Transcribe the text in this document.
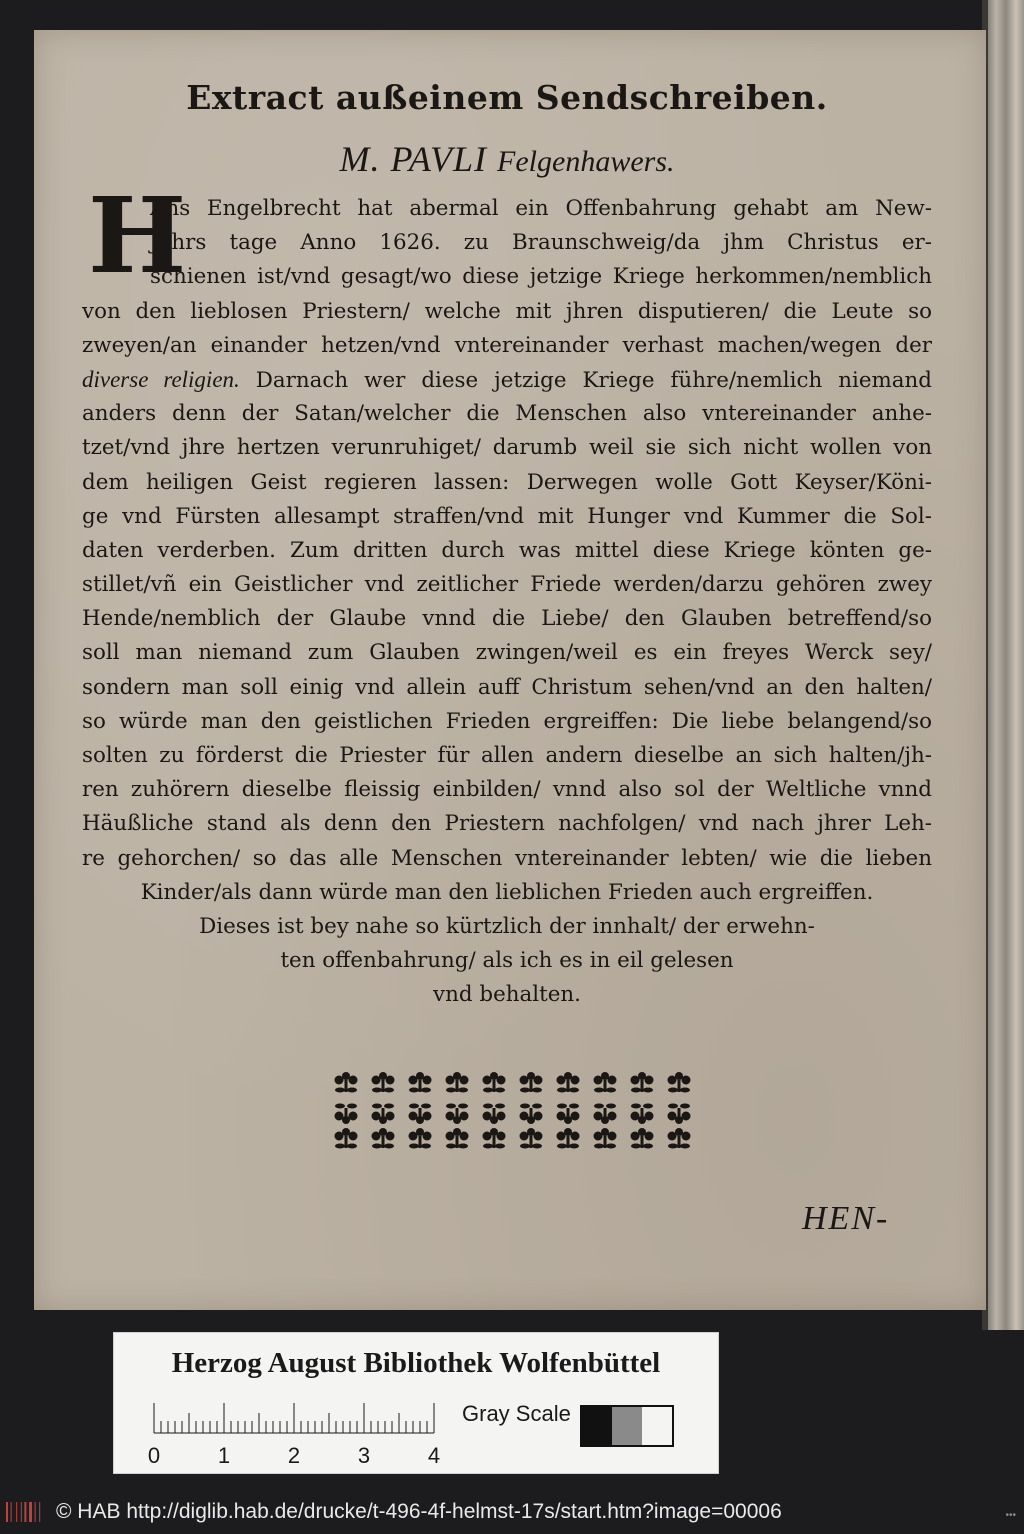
Extract außeinem Sendschreiben.
M. PAVLI Felgenhawers.
H
Ans Engelbrecht hat abermal ein Offenbahrung gehabt am New-
Jahrs tage Anno 1626. zu Braunschweig/da jhm Christus er-
schienen ist/vnd gesagt/wo diese jetzige Kriege herkommen/nemblich
von den lieblosen Priestern/ welche mit jhren disputieren/ die Leute so
zweyen/an einander hetzen/vnd vntereinander verhast machen/wegen der
diverse religien. Darnach wer diese jetzige Kriege führe/nemlich niemand
anders denn der Satan/welcher die Menschen also vntereinander anhe-
tzet/vnd jhre hertzen verunruhiget/ darumb weil sie sich nicht wollen von
dem heiligen Geist regieren lassen: Derwegen wolle Gott Keyser/Köni-
ge vnd Fürsten allesampt straffen/vnd mit Hunger vnd Kummer die Sol-
daten verderben. Zum dritten durch was mittel diese Kriege könten ge-
stillet/vñ ein Geistlicher vnd zeitlicher Friede werden/darzu gehören zwey
Hende/nemblich der Glaube vnnd die Liebe/ den Glauben betreffend/so
soll man niemand zum Glauben zwingen/weil es ein freyes Werck sey/
sondern man soll einig vnd allein auff Christum sehen/vnd an den halten/
so würde man den geistlichen Frieden ergreiffen: Die liebe belangend/so
solten zu förderst die Priester für allen andern dieselbe an sich halten/jh-
ren zuhörern dieselbe fleissig einbilden/ vnnd also sol der Weltliche vnnd
Häußliche stand als denn den Priestern nachfolgen/ vnd nach jhrer Leh-
re gehorchen/ so das alle Menschen vntereinander lebten/ wie die lieben
Kinder/als dann würde man den lieblichen Frieden auch ergreiffen.
Dieses ist bey nahe so kürtzlich der innhalt/ der erwehn-
ten offenbahrung/ als ich es in eil gelesen
vnd behalten.
HEN-
Herzog August Bibliothek Wolfenbüttel
0	1	2	3	4
Gray Scale
© HAB http://diglib.hab.de/drucke/t-496-4f-helmst-17s/start.htm?image=00006	•••
